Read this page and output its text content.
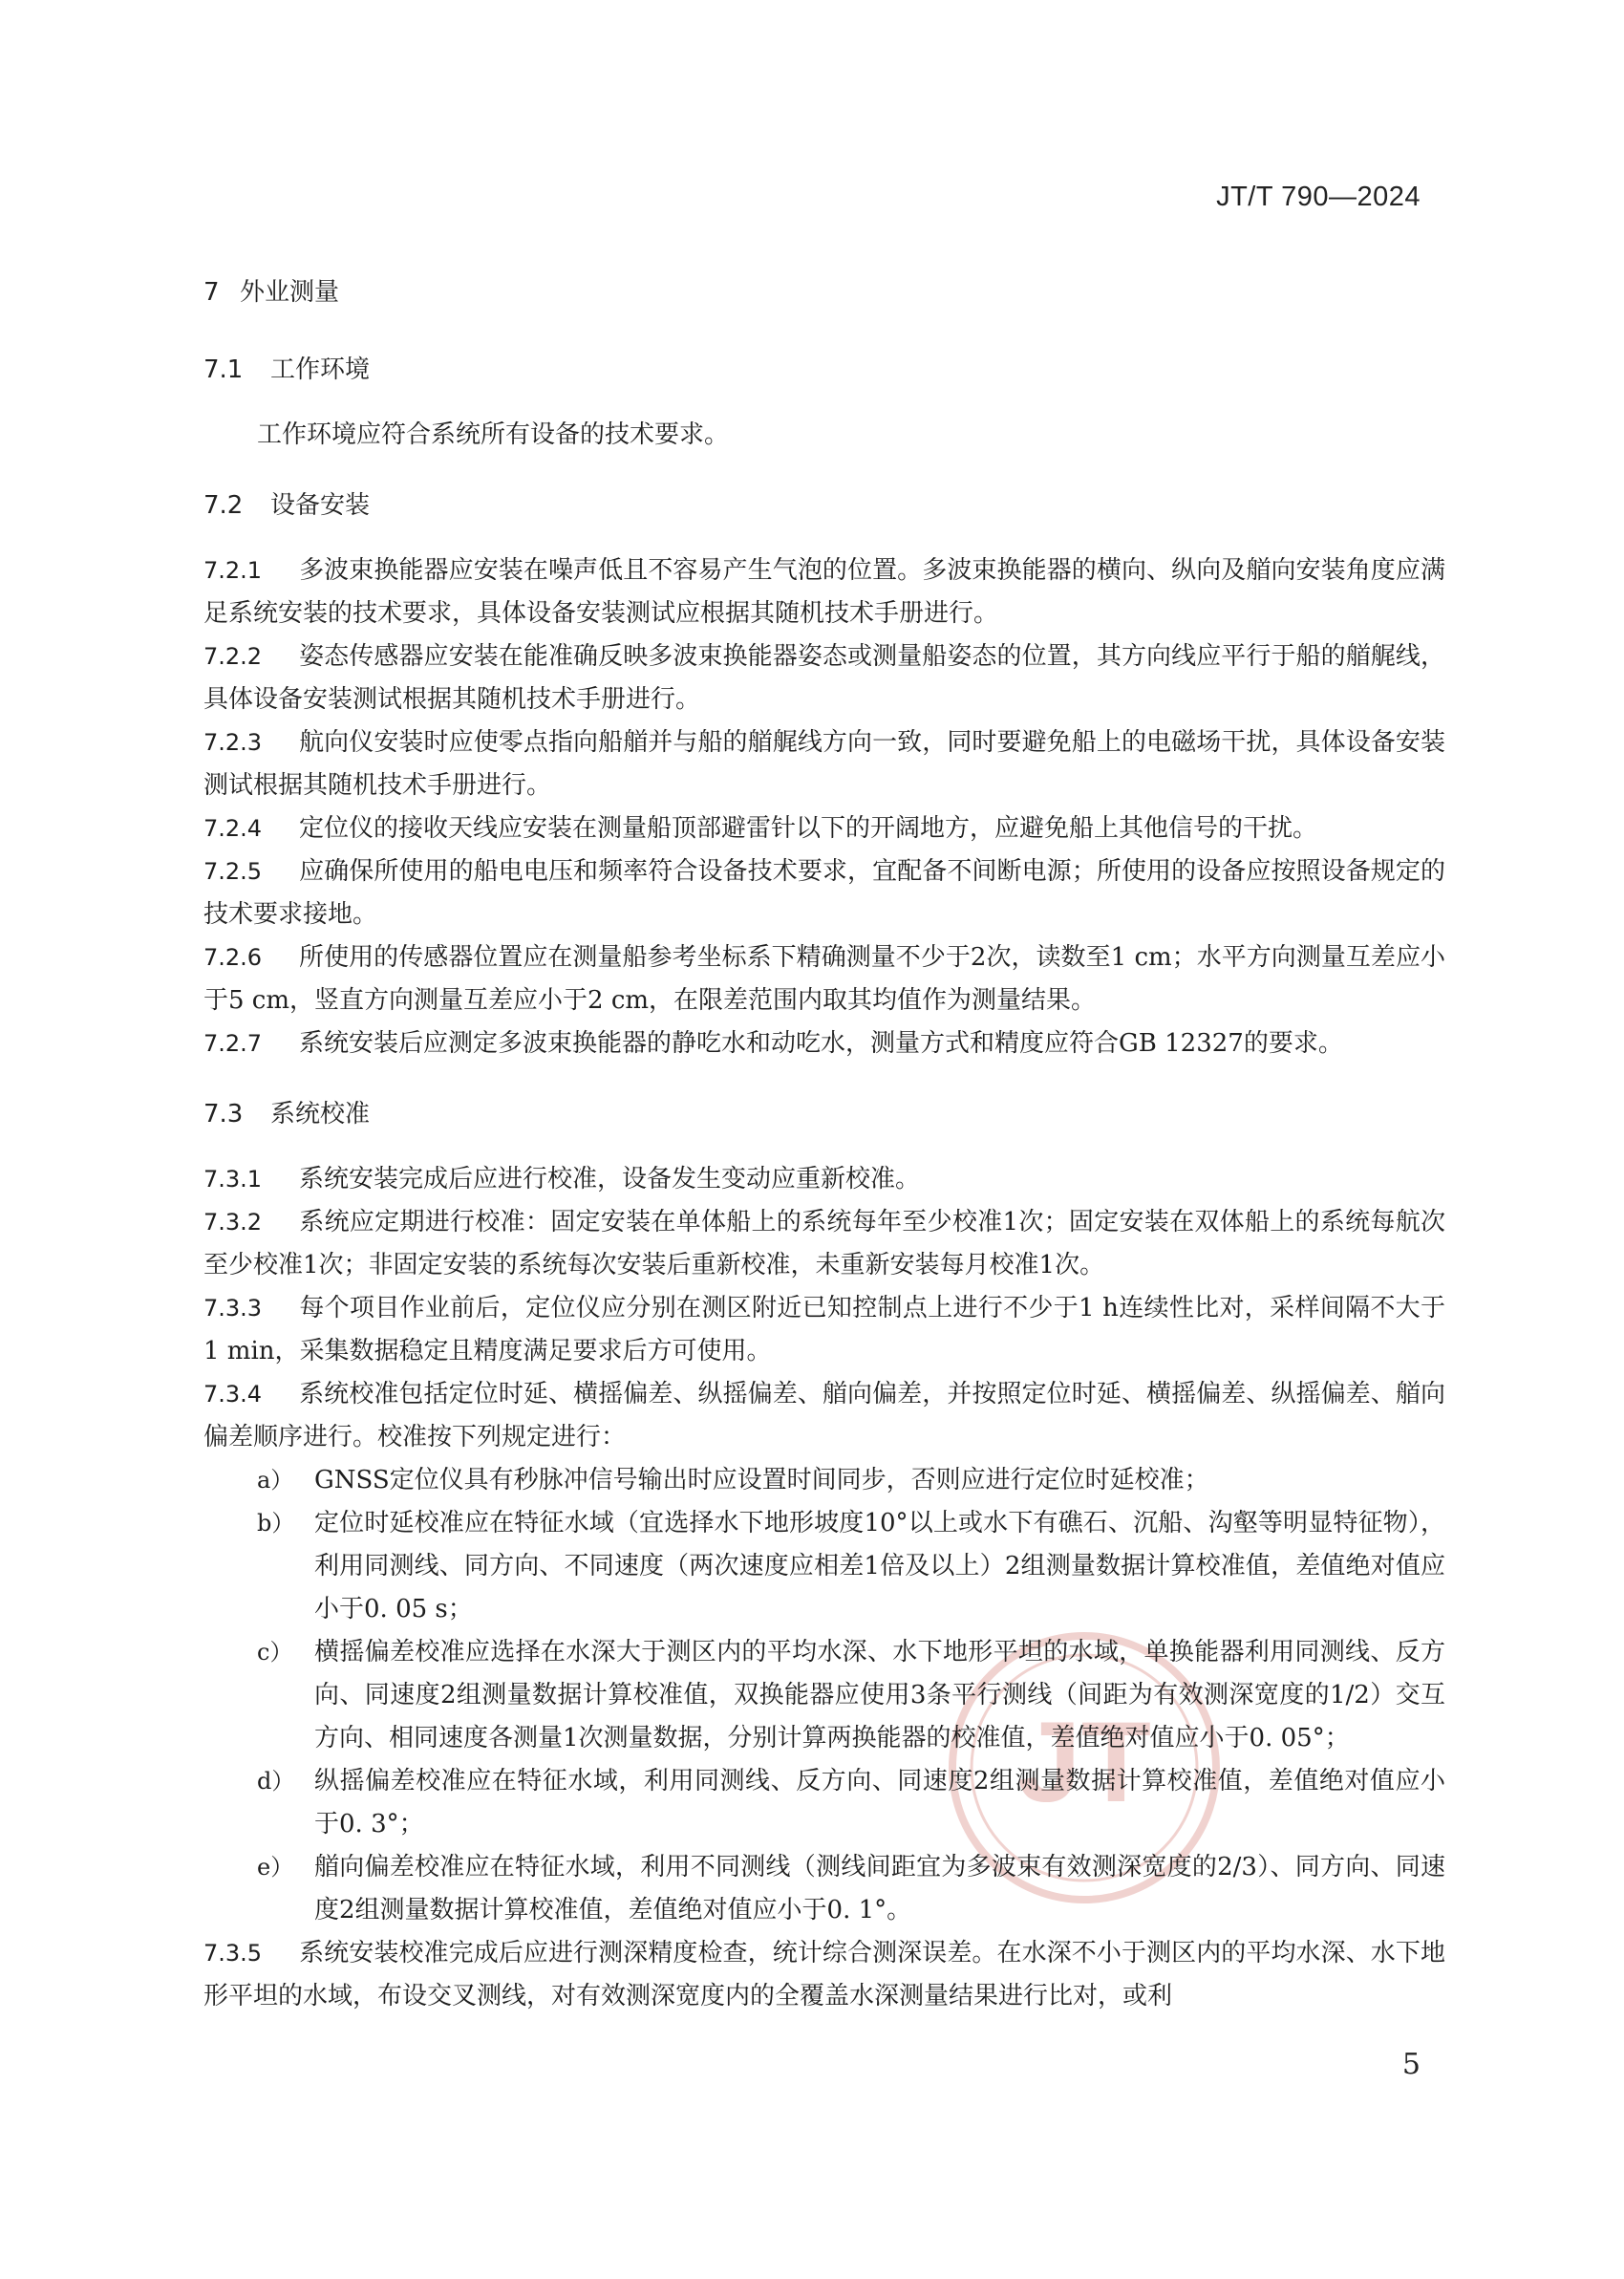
JT
JT/T 790—2024
7 外业测量
7.1 工作环境

工作环境应符合系统所有设备的技术要求。

7.2 设备安装

7.2.1 多波束换能器应安装在噪声低且不容易产生气泡的位置。多波束换能器的横向、纵向及艏向安装角度应满足系统安装的技术要求，具体设备安装测试应根据其随机技术手册进行。

7.2.2 姿态传感器应安装在能准确反映多波束换能器姿态或测量船姿态的位置，其方向线应平行于船的艏艉线，具体设备安装测试根据其随机技术手册进行。

7.2.3 航向仪安装时应使零点指向船艏并与船的艏艉线方向一致，同时要避免船上的电磁场干扰，具体设备安装测试根据其随机技术手册进行。

7.2.4 定位仪的接收天线应安装在测量船顶部避雷针以下的开阔地方，应避免船上其他信号的干扰。

7.2.5 应确保所使用的船电电压和频率符合设备技术要求，宜配备不间断电源；所使用的设备应按照设备规定的技术要求接地。

7.2.6 所使用的传感器位置应在测量船参考坐标系下精确测量不少于2次，读数至1 cm；水平方向测量互差应小于5 cm，竖直方向测量互差应小于2 cm，在限差范围内取其均值作为测量结果。

7.2.7 系统安装后应测定多波束换能器的静吃水和动吃水，测量方式和精度应符合GB 12327的要求。

7.3 系统校准

7.3.1 系统安装完成后应进行校准，设备发生变动应重新校准。

7.3.2 系统应定期进行校准：固定安装在单体船上的系统每年至少校准1次；固定安装在双体船上的系统每航次至少校准1次；非固定安装的系统每次安装后重新校准，未重新安装每月校准1次。

7.3.3 每个项目作业前后，定位仪应分别在测区附近已知控制点上进行不少于1 h连续性比对，采样间隔不大于1 min，采集数据稳定且精度满足要求后方可使用。

7.3.4 系统校准包括定位时延、横摇偏差、纵摇偏差、艏向偏差，并按照定位时延、横摇偏差、纵摇偏差、艏向偏差顺序进行。校准按下列规定进行：

a） GNSS定位仪具有秒脉冲信号输出时应设置时间同步，否则应进行定位时延校准；
b） 定位时延校准应在特征水域（宜选择水下地形坡度10°以上或水下有礁石、沉船、沟壑等明显特征物），利用同测线、同方向、不同速度（两次速度应相差1倍及以上）2组测量数据计算校准值，差值绝对值应小于0. 05 s；
c） 横摇偏差校准应选择在水深大于测区内的平均水深、水下地形平坦的水域，单换能器利用同测线、反方向、同速度2组测量数据计算校准值，双换能器应使用3条平行测线（间距为有效测深宽度的1/2）交互方向、相同速度各测量1次测量数据，分别计算两换能器的校准值，差值绝对值应小于0. 05°；
d） 纵摇偏差校准应在特征水域，利用同测线、反方向、同速度2组测量数据计算校准值，差值绝对值应小于0. 3°；
e） 艏向偏差校准应在特征水域，利用不同测线（测线间距宜为多波束有效测深宽度的2/3）、同方向、同速度2组测量数据计算校准值，差值绝对值应小于0. 1°。

7.3.5 系统安装校准完成后应进行测深精度检查，统计综合测深误差。在水深不小于测区内的平均水深、水下地形平坦的水域，布设交叉测线，对有效测深宽度内的全覆盖水深测量结果进行比对，或利

5
